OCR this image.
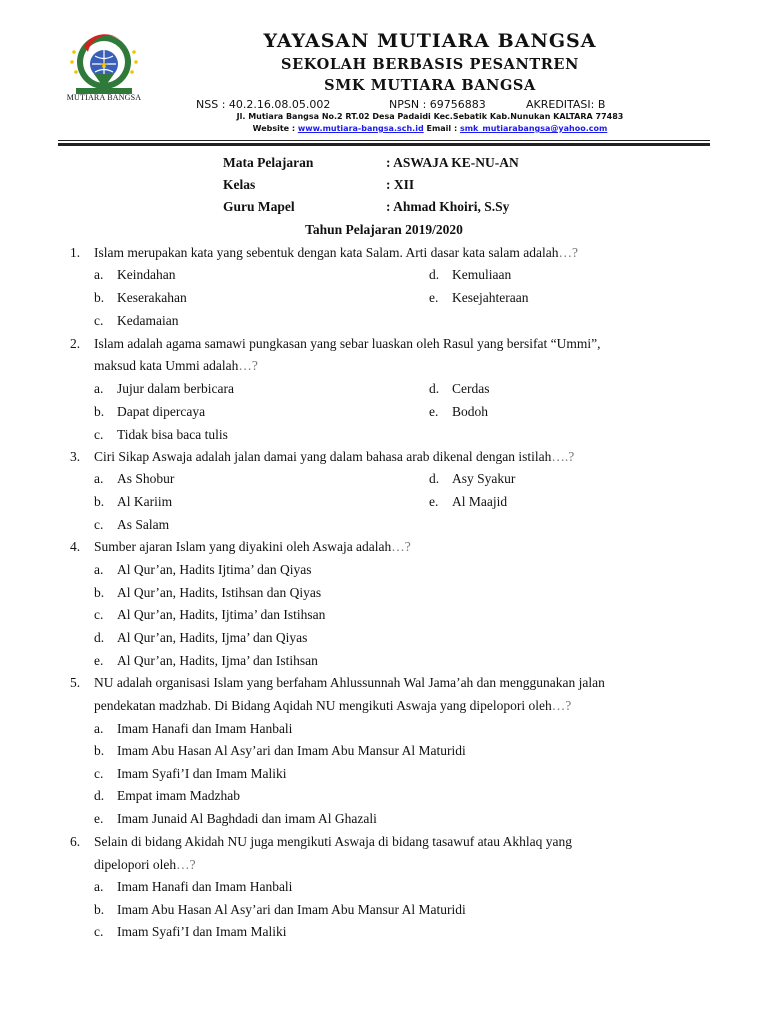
★
MUTIARA BANGSA
YAYASAN MUTIARA BANGSA
SEKOLAH BERBASIS PESANTREN
SMK MUTIARA BANGSA
NSS : 40.2.16.08.05.002	NPSN : 69756883	AKREDITASI: B
Jl. Mutiara Bangsa No.2 RT.02 Desa Padaidi Kec.Sebatik Kab.Nunukan KALTARA 77483
Website : www.mutiara-bangsa.sch.id Email : smk_mutiarabangsa@yahoo.com
Mata Pelajaran	: ASWAJA KE-NU-AN
Kelas	: XII
Guru Mapel	: Ahmad Khoiri, S.Sy
Tahun Pelajaran 2019/2020
1. Islam merupakan kata yang sebentuk dengan kata Salam. Arti dasar kata salam adalah…?
a. Keindahan	d. Kemuliaan
b. Keserakahan	e. Kesejahteraan
c. Kedamaian
2. Islam adalah agama samawi pungkasan yang sebar luaskan oleh Rasul yang bersifat “Ummi”,
maksud kata Ummi adalah…?
a. Jujur dalam berbicara	d. Cerdas
b. Dapat dipercaya	e. Bodoh
c. Tidak bisa baca tulis
3. Ciri Sikap Aswaja adalah jalan damai yang dalam bahasa arab dikenal dengan istilah….?
a. As Shobur	d. Asy Syakur
b. Al Kariim	e. Al Maajid
c. As Salam
4. Sumber ajaran Islam yang diyakini oleh Aswaja adalah…?
a. Al Qur’an, Hadits Ijtima’ dan Qiyas
b. Al Qur’an, Hadits, Istihsan dan Qiyas
c. Al Qur’an, Hadits, Ijtima’ dan Istihsan
d. Al Qur’an, Hadits, Ijma’ dan Qiyas
e. Al Qur’an, Hadits, Ijma’ dan Istihsan
5. NU adalah organisasi Islam yang berfaham Ahlussunnah Wal Jama’ah dan menggunakan jalan
pendekatan madzhab. Di Bidang Aqidah NU mengikuti Aswaja yang dipelopori oleh…?
a. Imam Hanafi dan Imam Hanbali
b. Imam Abu Hasan Al Asy’ari dan Imam Abu Mansur Al Maturidi
c. Imam Syafi’I dan Imam Maliki
d. Empat imam Madzhab
e. Imam Junaid Al Baghdadi dan imam Al Ghazali
6. Selain di bidang Akidah NU juga mengikuti Aswaja di bidang tasawuf atau Akhlaq yang
dipelopori oleh…?
a. Imam Hanafi dan Imam Hanbali
b. Imam Abu Hasan Al Asy’ari dan Imam Abu Mansur Al Maturidi
c. Imam Syafi’I dan Imam Maliki
